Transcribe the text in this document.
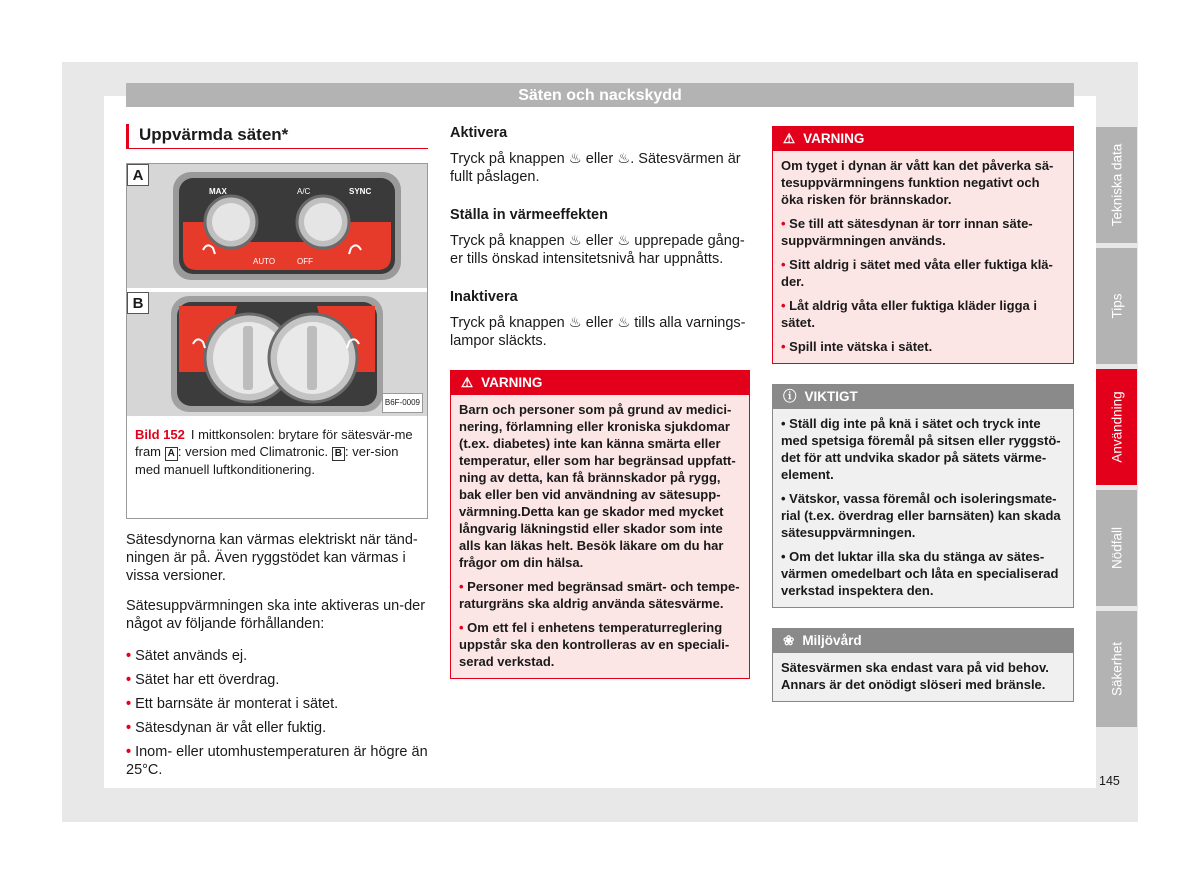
Säten och nackskydd
Uppvärmda säten*
A
MAX	SYNC
A/C
AUTO	OFF
B
B6F-0009
Bild 152 I mittkonsolen: brytare för sätesvär-me fram A : version med Climatronic. B : ver-sion med manuell luftkonditionering.

Sätesdynorna kan värmas elektriskt när tänd-ningen är på. Även ryggstödet kan värmas i vissa versioner.

Sätesuppvärmningen ska inte aktiveras un-der något av följande förhållanden:

• Sätet används ej.
• Sätet har ett överdrag.
• Ett barnsäte är monterat i sätet.
• Sätesdynan är våt eller fuktig.
• Inom- eller utomhustemperaturen är högre än 25°C.
Aktivera

Tryck på knappen ♨ eller ♨. Sätesvärmen är fullt påslagen.

Ställa in värmeeffekten

Tryck på knappen ♨ eller ♨ upprepade gång-er tills önskad intensitetsnivå har uppnåtts.

Inaktivera

Tryck på knappen ♨ eller ♨ tills alla varnings-lampor släckts.

⚠ VARNING

Barn och personer som på grund av medici-nering, förlamning eller kroniska sjukdomar (t.ex. diabetes) inte kan känna smärta eller temperatur, eller som har begränsad uppfatt-ning av detta, kan få brännskador på rygg, bak eller ben vid användning av sätesupp-värmning.Detta kan ge skador med mycket långvarig läkningstid eller skador som inte alls kan läkas helt. Besök läkare om du har frågor om din hälsa.

• Personer med begränsad smärt- och tempe-raturgräns ska aldrig använda sätesvärme.

• Om ett fel i enhetens temperaturreglering uppstår ska den kontrolleras av en speciali-serad verkstad.

⚠ VARNING

Om tyget i dynan är vått kan det påverka sä-tesuppvärmningens funktion negativt och öka risken för brännskador.

• Se till att sätesdynan är torr innan säte-suppvärmningen används.

• Sitt aldrig i sätet med våta eller fuktiga klä-der.

• Låt aldrig våta eller fuktiga kläder ligga i sätet.

• Spill inte vätska i sätet.

ⓘ VIKTIGT

• Ställ dig inte på knä i sätet och tryck inte med spetsiga föremål på sitsen eller ryggstö-det för att undvika skador på sätets värme-element.

• Vätskor, vassa föremål och isoleringsmate-rial (t.ex. överdrag eller barnsäten) kan skada sätesuppvärmningen.

• Om det luktar illa ska du stänga av sätes-värmen omedelbart och låta en specialiserad verkstad inspektera den.

❀ Miljövård

Sätesvärmen ska endast vara på vid behov. Annars är det onödigt slöseri med bränsle.

Tekniska data
Tips
Användning
Nödfall
Säkerhet
145
